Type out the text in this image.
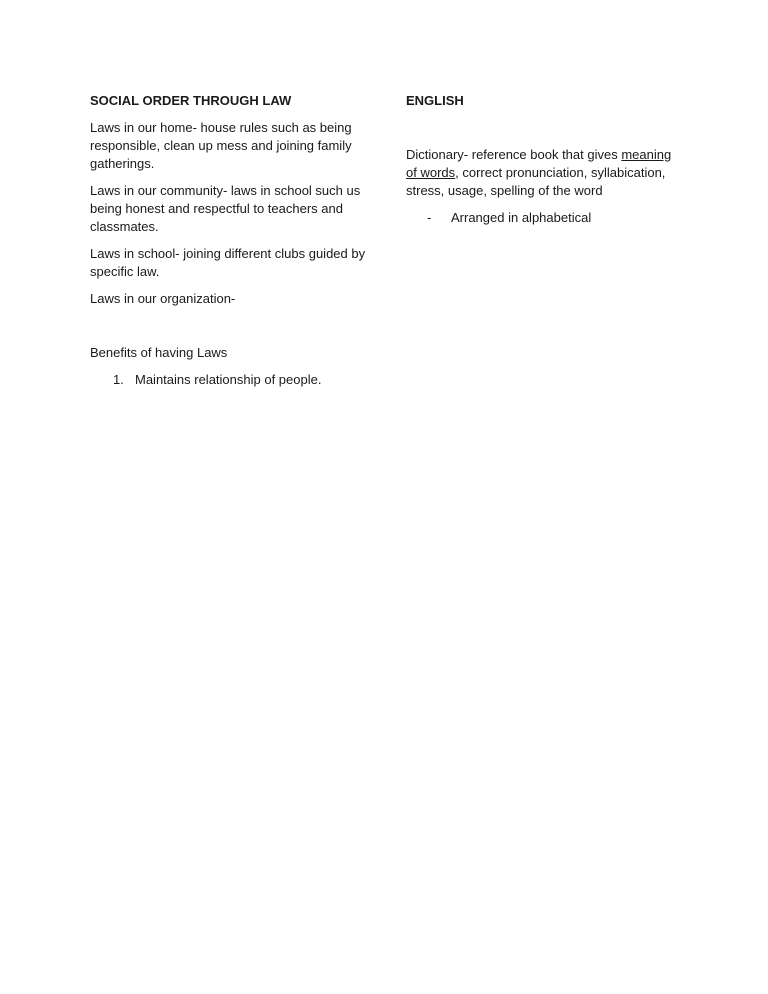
SOCIAL ORDER THROUGH LAW
Laws in our home- house rules such as being responsible, clean up mess and joining family gatherings.
Laws in our community- laws in school such us being honest and respectful to teachers and classmates.
Laws in school- joining different clubs guided by specific law.
Laws in our organization-
Benefits of having Laws
1. Maintains relationship of people.
ENGLISH
Dictionary- reference book that gives meaning of words, correct pronunciation, syllabication, stress, usage, spelling of the word
- Arranged in alphabetical
